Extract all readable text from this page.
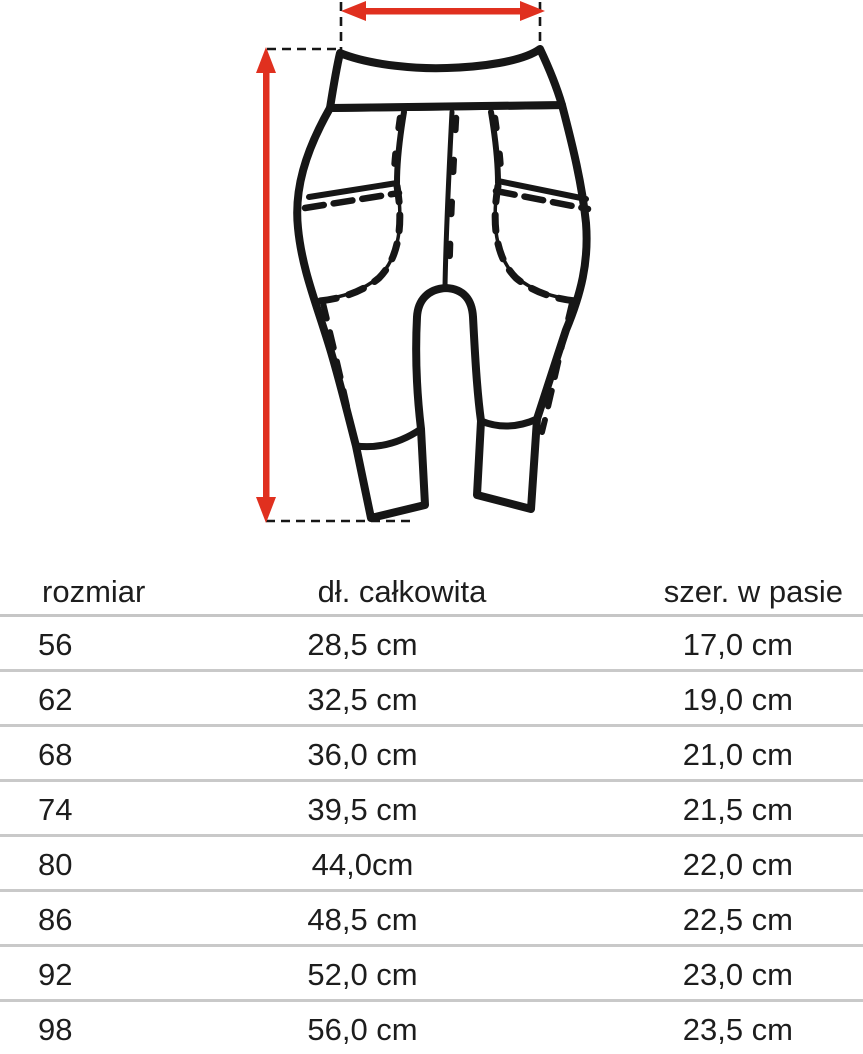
rozmiar	dł. całkowita	szer. w pasie
56	28,5 cm	17,0 cm
62	32,5 cm	19,0 cm
68	36,0 cm	21,0 cm
74	39,5 cm	21,5 cm
80	44,0cm	22,0 cm
86	48,5 cm	22,5 cm
92	52,0 cm	23,0 cm
98	56,0 cm	23,5 cm
